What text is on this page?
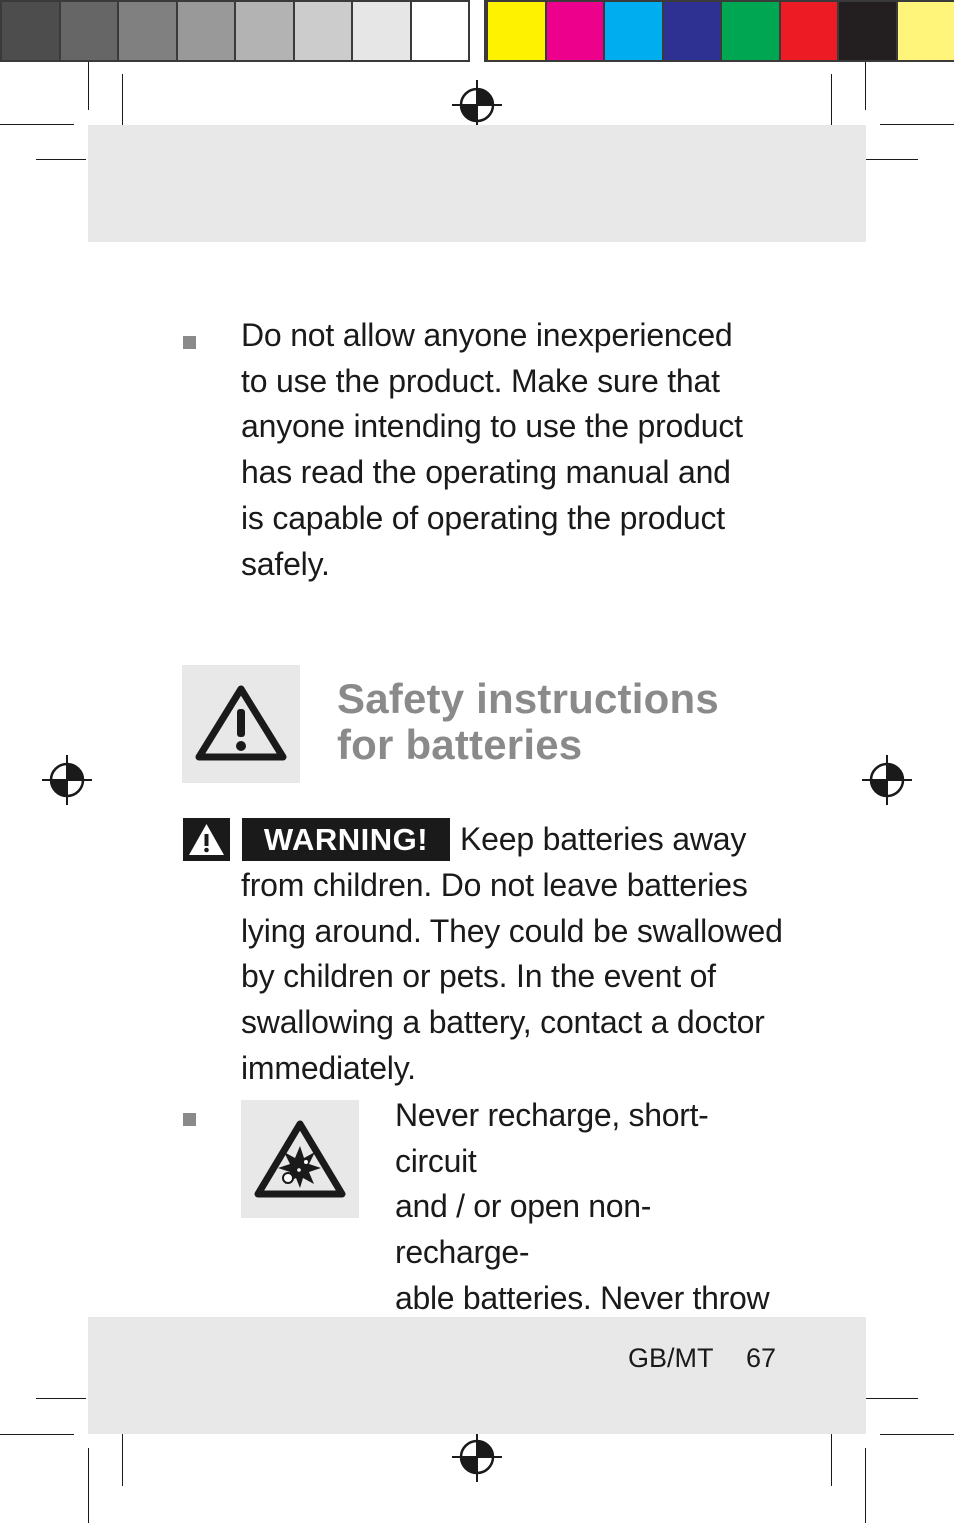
Do not allow anyone inexperienced to use the product. Make sure that anyone intending to use the product has read the operating manual and is capable of operating the product safely.
Safety instructions
for batteries
WARNING! Keep batteries away
from children. Do not leave batteries lying around. They could be swallowed by children or pets. In the event of swallowing a battery, contact a doctor immediately.
Never recharge, short-circuit
and / or open non-recharge-
able batteries. Never throw
GB/MT 67
